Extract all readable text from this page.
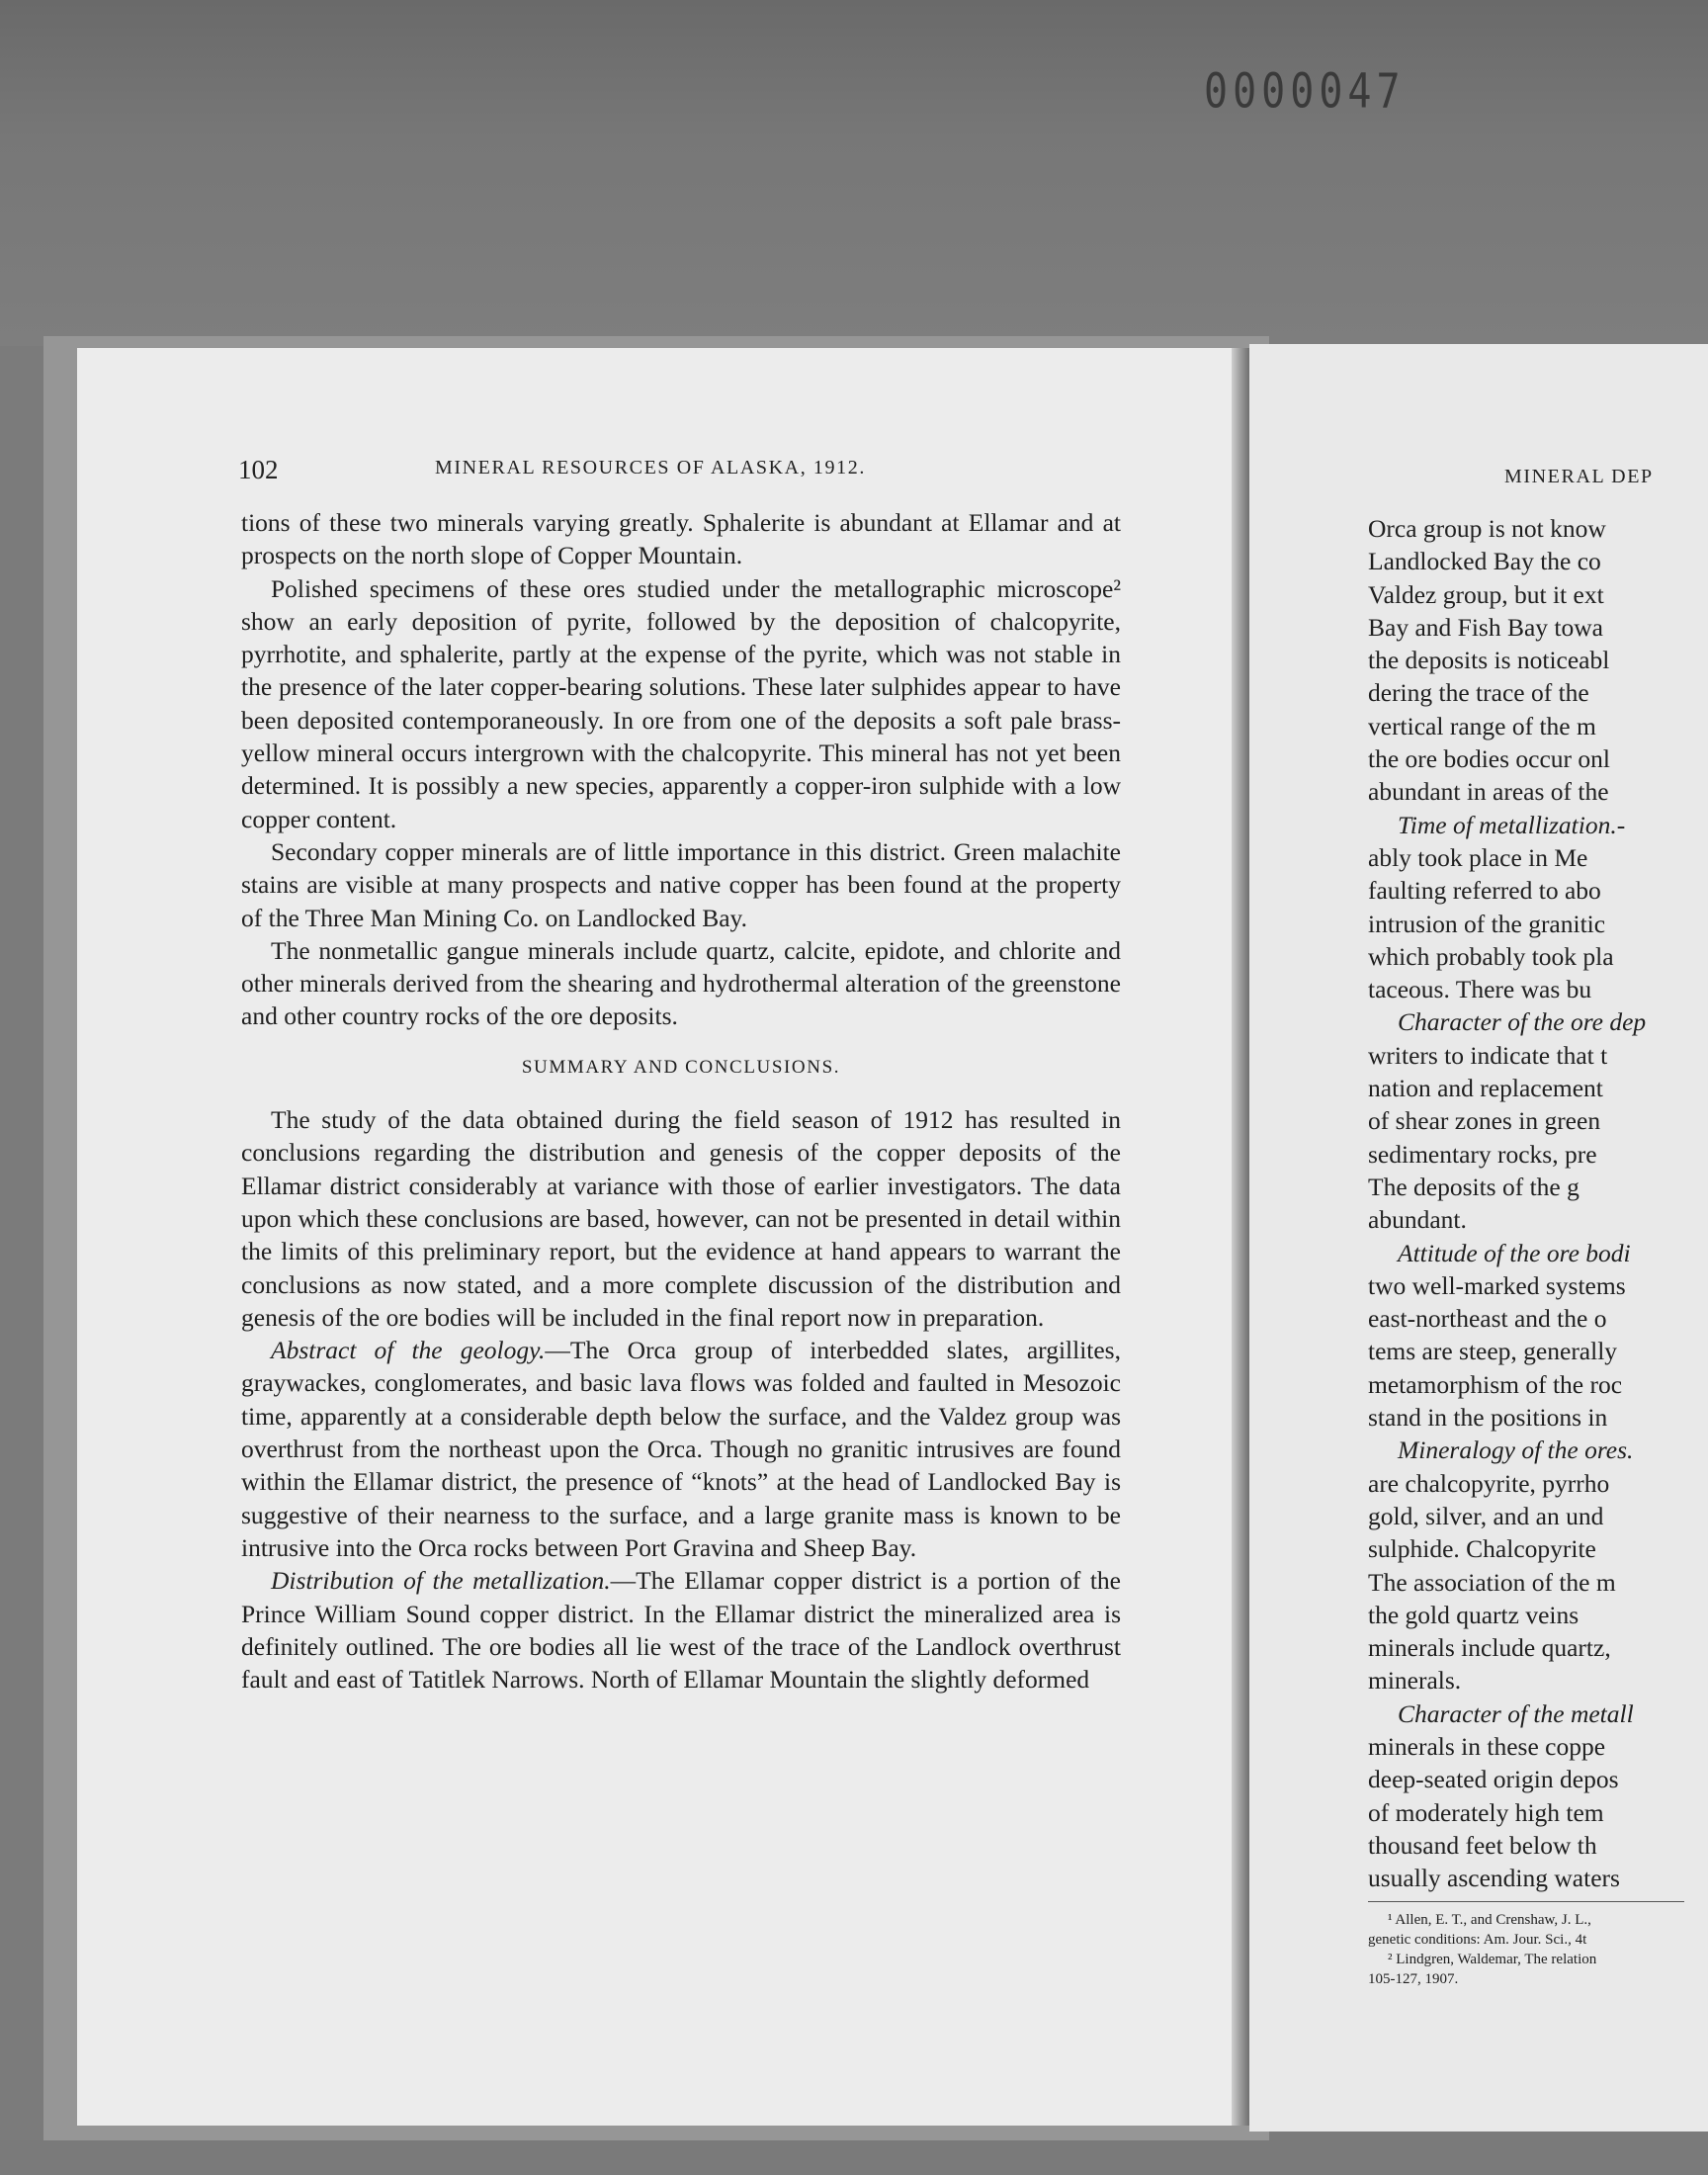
0000047
102	MINERAL RESOURCES OF ALASKA, 1912.

tions of these two minerals varying greatly. Sphalerite is abundant at Ellamar and at prospects on the north slope of Copper Mountain.

Polished specimens of these ores studied under the metallographic microscope² show an early deposition of pyrite, followed by the deposition of chalcopyrite, pyrrhotite, and sphalerite, partly at the expense of the pyrite, which was not stable in the presence of the later copper-bearing solutions. These later sulphides appear to have been deposited contemporaneously. In ore from one of the deposits a soft pale brass-yellow mineral occurs intergrown with the chalcopyrite. This mineral has not yet been determined. It is possibly a new species, apparently a copper-iron sulphide with a low copper content.

Secondary copper minerals are of little importance in this district. Green malachite stains are visible at many prospects and native copper has been found at the property of the Three Man Mining Co. on Landlocked Bay.

The nonmetallic gangue minerals include quartz, calcite, epidote, and chlorite and other minerals derived from the shearing and hydrothermal alteration of the greenstone and other country rocks of the ore deposits.

SUMMARY AND CONCLUSIONS.

The study of the data obtained during the field season of 1912 has resulted in conclusions regarding the distribution and genesis of the copper deposits of the Ellamar district considerably at variance with those of earlier investigators. The data upon which these conclusions are based, however, can not be presented in detail within the limits of this preliminary report, but the evidence at hand appears to warrant the conclusions as now stated, and a more complete discussion of the distribution and genesis of the ore bodies will be included in the final report now in preparation.

Abstract of the geology.—The Orca group of interbedded slates, argillites, graywackes, conglomerates, and basic lava flows was folded and faulted in Mesozoic time, apparently at a considerable depth below the surface, and the Valdez group was overthrust from the northeast upon the Orca. Though no granitic intrusives are found within the Ellamar district, the presence of “knots” at the head of Landlocked Bay is suggestive of their nearness to the surface, and a large granite mass is known to be intrusive into the Orca rocks between Port Gravina and Sheep Bay.

Distribution of the metallization.—The Ellamar copper district is a portion of the Prince William Sound copper district. In the Ellamar district the mineralized area is definitely outlined. The ore bodies all lie west of the trace of the Landlock overthrust fault and east of Tatitlek Narrows. North of Ellamar Mountain the slightly deformed

MINERAL DEP
Orca group is not know
Landlocked Bay the co
Valdez group, but it ext
Bay and Fish Bay towa
the deposits is noticeabl
dering the trace of the
vertical range of the m
the ore bodies occur onl
abundant in areas of the
Time of metallization.-
ably took place in Me
faulting referred to abo
intrusion of the granitic
which probably took pla
taceous. There was bu
Character of the ore dep
writers to indicate that t
nation and replacement
of shear zones in green
sedimentary rocks, pre
The deposits of the g
abundant.
Attitude of the ore bodi
two well-marked systems
east-northeast and the o
tems are steep, generally
metamorphism of the roc
stand in the positions in
Mineralogy of the ores.
are chalcopyrite, pyrrho
gold, silver, and an und
sulphide. Chalcopyrite
The association of the m
the gold quartz veins
minerals include quartz,
minerals.
Character of the metall
minerals in these coppe
deep-seated origin depos
of moderately high tem
thousand feet below th
usually ascending waters
¹ Allen, E. T., and Crenshaw, J. L.,
genetic conditions: Am. Jour. Sci., 4t
² Lindgren, Waldemar, The relation
105-127, 1907.
